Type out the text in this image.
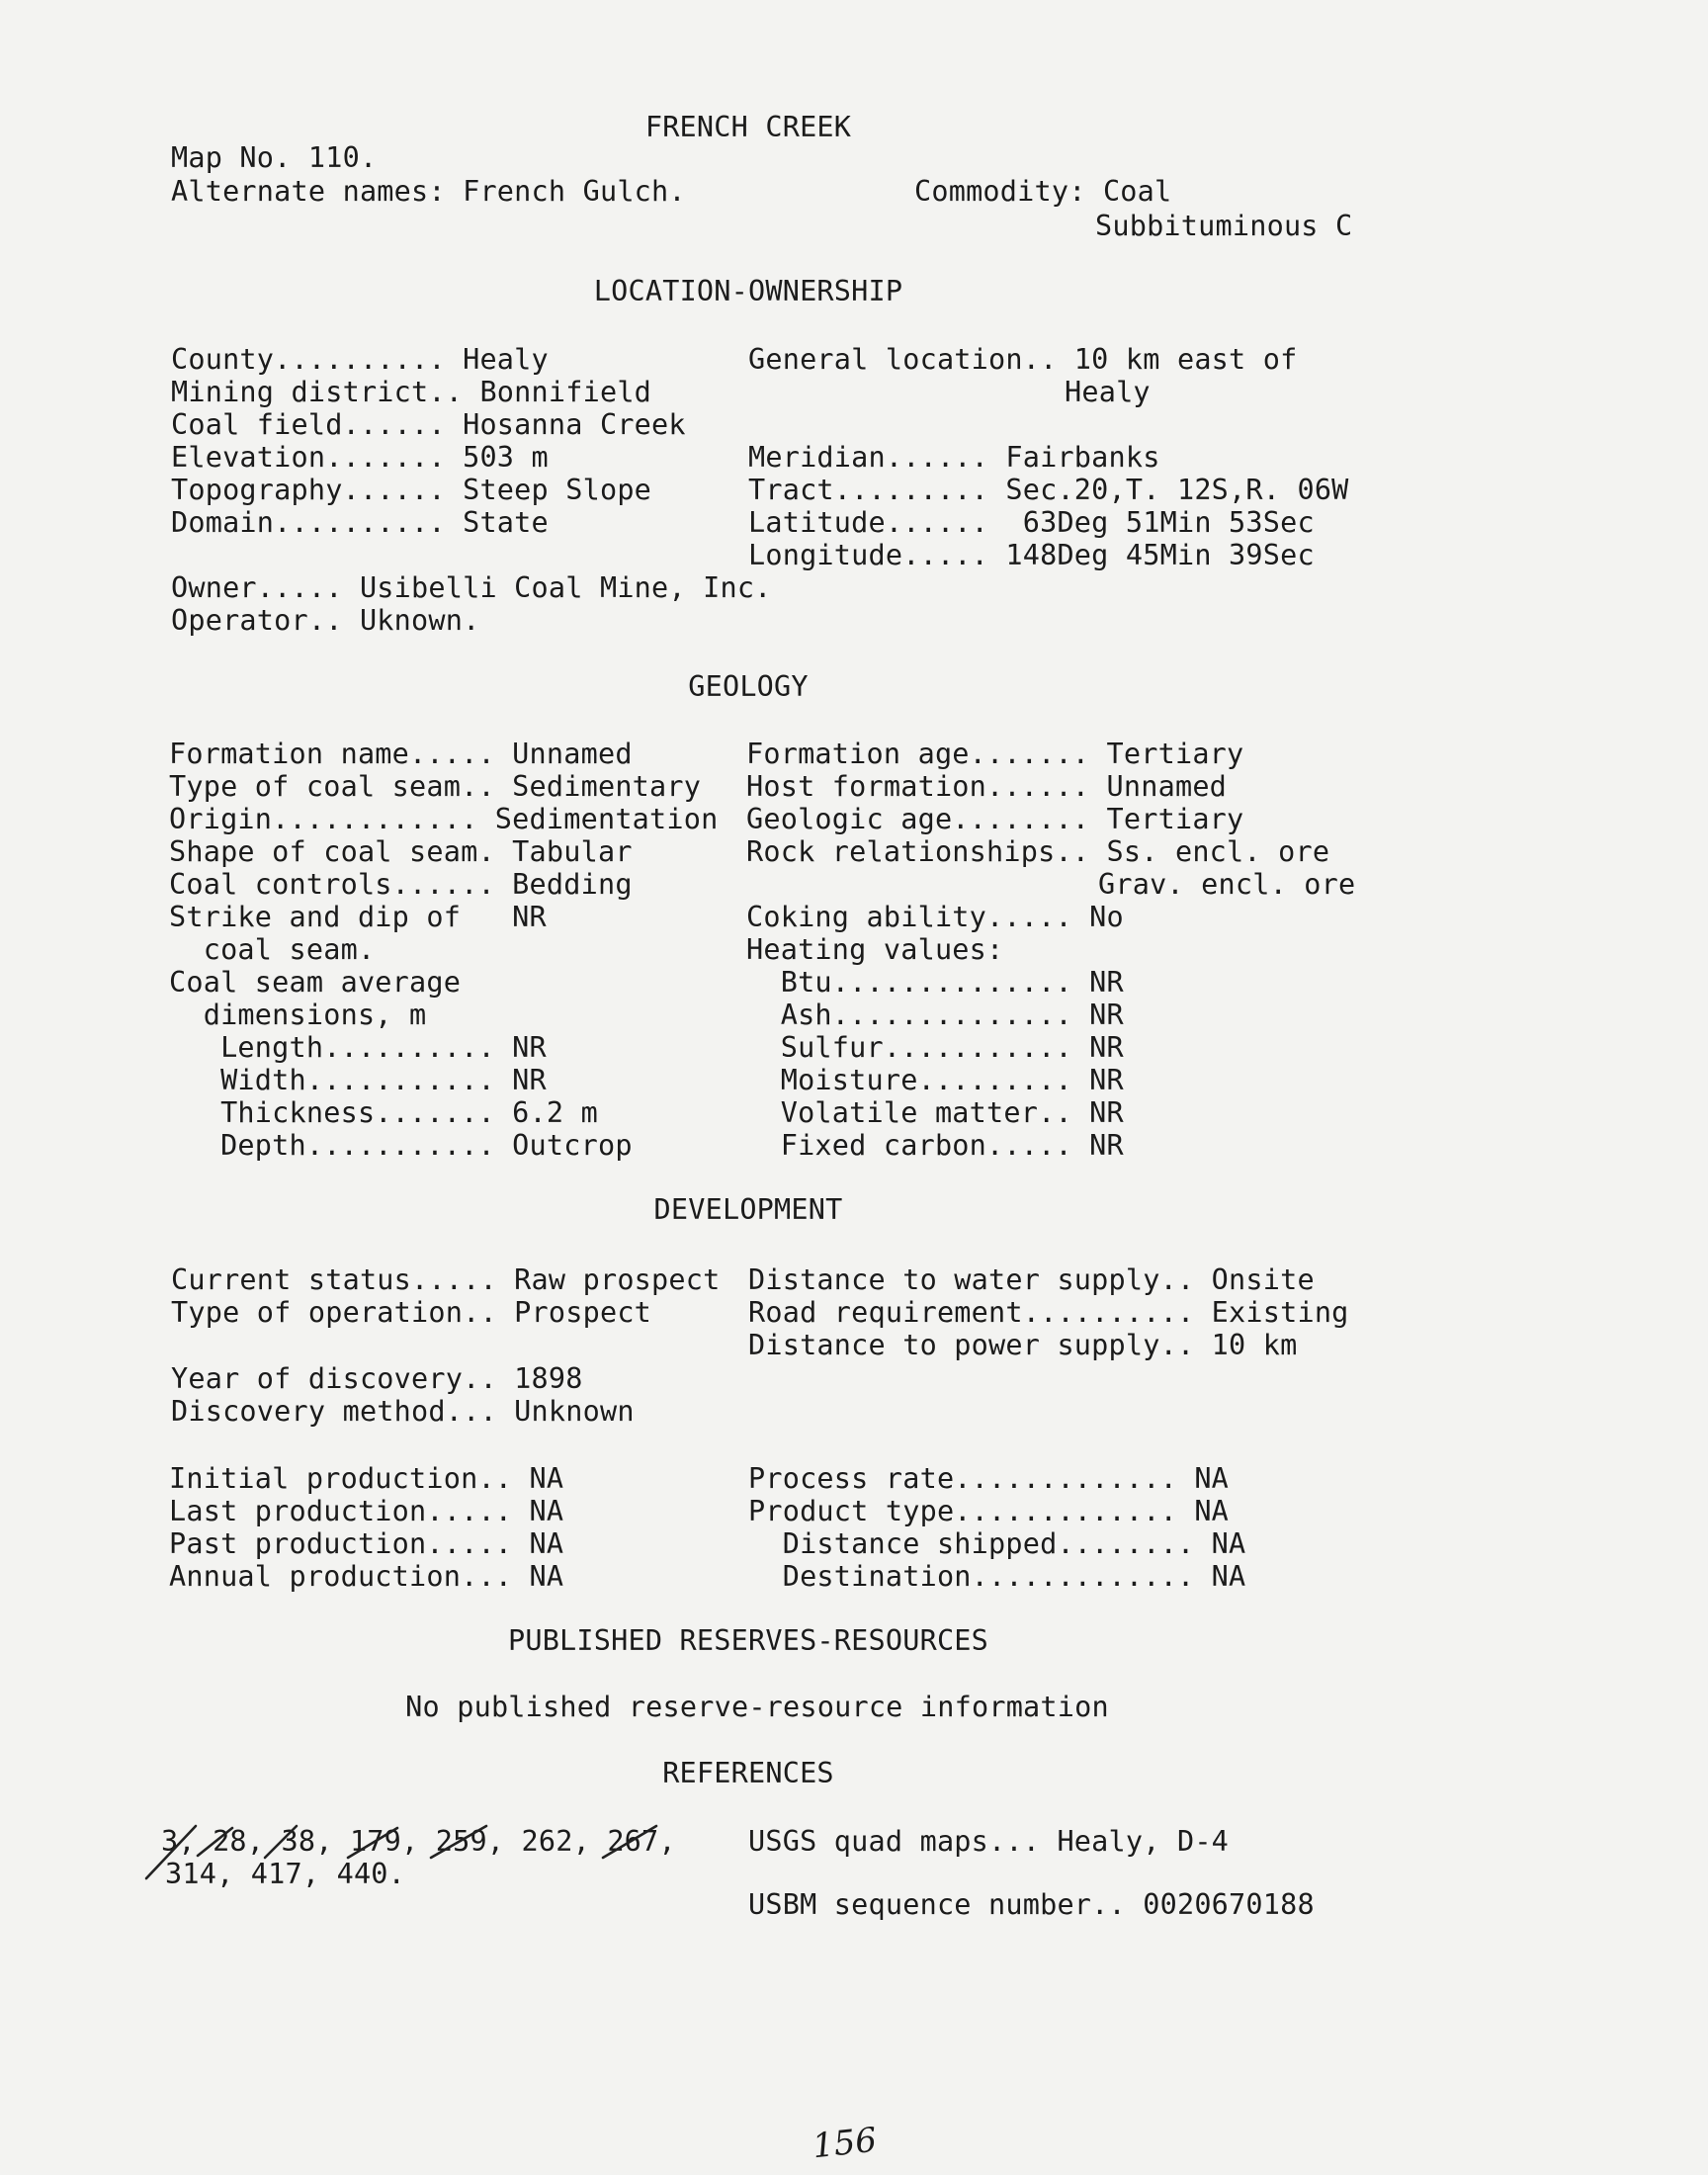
FRENCH CREEK
Map No. 110.
Alternate names: French Gulch.	Commodity: Coal
Subbituminous C
LOCATION-OWNERSHIP
County.......... Healy
Mining district.. Bonnifield
Coal field...... Hosanna Creek
Elevation....... 503 m
Topography...... Steep Slope
Domain.......... State
General location.. 10 km east of
Healy
Meridian...... Fairbanks
Tract......... Sec.20,T. 12S,R. 06W
Latitude......  63Deg 51Min 53Sec
Longitude..... 148Deg 45Min 39Sec
Owner..... Usibelli Coal Mine, Inc.
Operator.. Uknown.
GEOLOGY
Formation name..... Unnamed
Type of coal seam.. Sedimentary
Origin............ Sedimentation
Shape of coal seam. Tabular
Coal controls...... Bedding
Strike and dip of   NR
coal seam.
Coal seam average
dimensions, m
Length.......... NR
Width........... NR
Thickness....... 6.2 m
Depth........... Outcrop
Formation age....... Tertiary
Host formation...... Unnamed
Geologic age........ Tertiary
Rock relationships.. Ss. encl. ore
Grav. encl. ore
Coking ability..... No
Heating values:
Btu.............. NR
Ash.............. NR
Sulfur........... NR
Moisture......... NR
Volatile matter.. NR
Fixed carbon..... NR
DEVELOPMENT
Current status..... Raw prospect
Type of operation.. Prospect
Year of discovery.. 1898
Discovery method... Unknown
Initial production.. NA
Last production..... NA
Past production..... NA
Annual production... NA
Distance to water supply.. Onsite
Road requirement.......... Existing
Distance to power supply.. 10 km
Process rate............. NA
Product type............. NA
Distance shipped........ NA
Destination............. NA
PUBLISHED RESERVES-RESOURCES
No published reserve-resource information
REFERENCES
3, 28, 38, 179, 259, 262, 267,
314, 417, 440.
USGS quad maps... Healy, D-4
USBM sequence number.. 0020670188
156
